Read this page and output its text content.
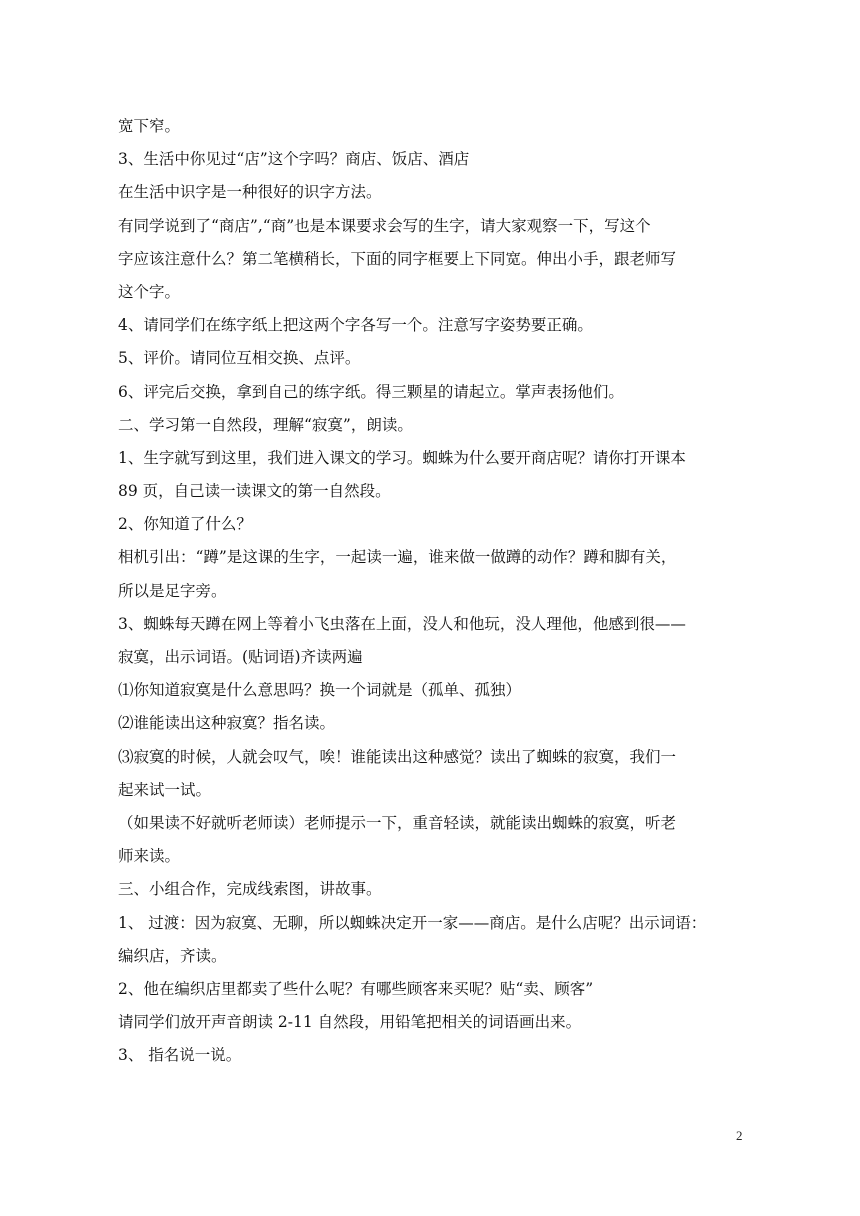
宽下窄。
3、生活中你见过“店”这个字吗？商店、饭店、酒店
在生活中识字是一种很好的识字方法。
有同学说到了“商店”,“商”也是本课要求会写的生字，请大家观察一下，写这个
字应该注意什么？第二笔横稍长，下面的同字框要上下同宽。伸出小手，跟老师写
这个字。
4、请同学们在练字纸上把这两个字各写一个。注意写字姿势要正确。
5、评价。请同位互相交换、点评。
6、评完后交换，拿到自己的练字纸。得三颗星的请起立。掌声表扬他们。
二、学习第一自然段，理解“寂寞”，朗读。
1、生字就写到这里，我们进入课文的学习。蜘蛛为什么要开商店呢？请你打开课本
89 页，自己读一读课文的第一自然段。
2、你知道了什么？
相机引出：“蹲”是这课的生字，一起读一遍，谁来做一做蹲的动作？蹲和脚有关，
所以是足字旁。
3、蜘蛛每天蹲在网上等着小飞虫落在上面，没人和他玩，没人理他，他感到很——
寂寞，出示词语。(贴词语)齐读两遍
⑴你知道寂寞是什么意思吗？换一个词就是（孤单、孤独）
⑵谁能读出这种寂寞？指名读。
⑶寂寞的时候，人就会叹气，唉！谁能读出这种感觉？读出了蜘蛛的寂寞，我们一
起来试一试。
（如果读不好就听老师读）老师提示一下，重音轻读，就能读出蜘蛛的寂寞，听老
师来读。
三、小组合作，完成线索图，讲故事。
1、 过渡：因为寂寞、无聊，所以蜘蛛决定开一家——商店。是什么店呢？出示词语：
编织店，齐读。
2、他在编织店里都卖了些什么呢？有哪些顾客来买呢？贴“卖、顾客”
请同学们放开声音朗读 2-11 自然段，用铅笔把相关的词语画出来。
3、 指名说一说。
2
